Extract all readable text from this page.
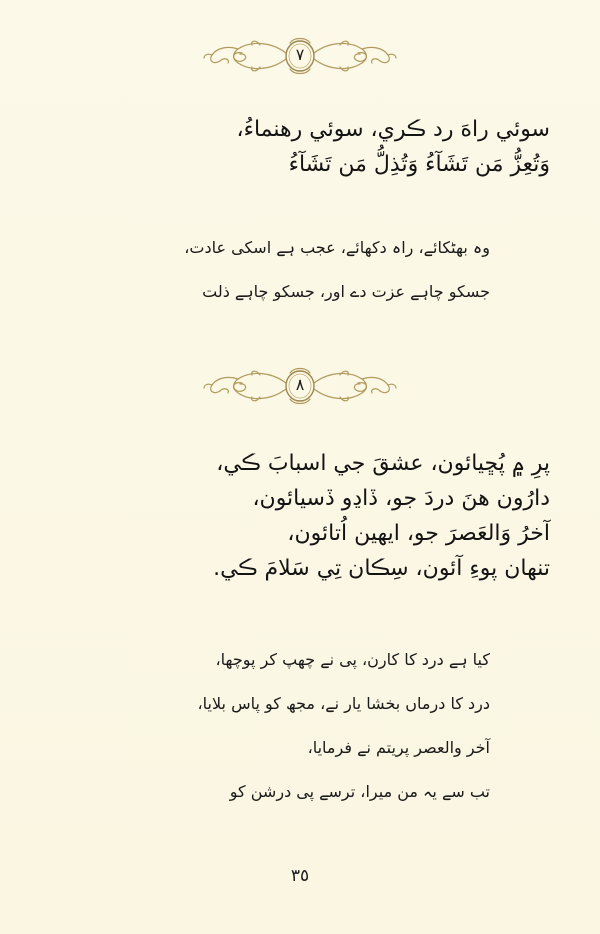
٧
سوئي راهَ رد ڪري، سوئي رهنماءُ،
وَتُعِزُّ مَن تَشَآءُ وَتُذِلُّ مَن تَشَآءُ
وہ بھٹکائے، راہ دکھائے، عجب ہے اسکی عادت،
جسکو چاہے عزت دے اور، جسکو چاہے ذلت
٨
پرِ ۾ پُڇيائون، عشقَ جي اسبابَ ڪي،
دارُون هنَ دردَ جو، ڏاڍو ڏسيائون،
آخرُ وَالعَصرَ جو، ايهين اُتائون،
تنهان پوءِ آئون، سِڪان تِي سَلامَ ڪي.
کیا ہے درد کا کارن، پی نے چھپ کر پوچھا،
درد کا درماں بخشا یار نے، مجھ کو پاس بلایا،
آخر والعصر پریتم نے فرمایا،
تب سے یہ من میرا، ترسے پی درشن کو
٣٥
